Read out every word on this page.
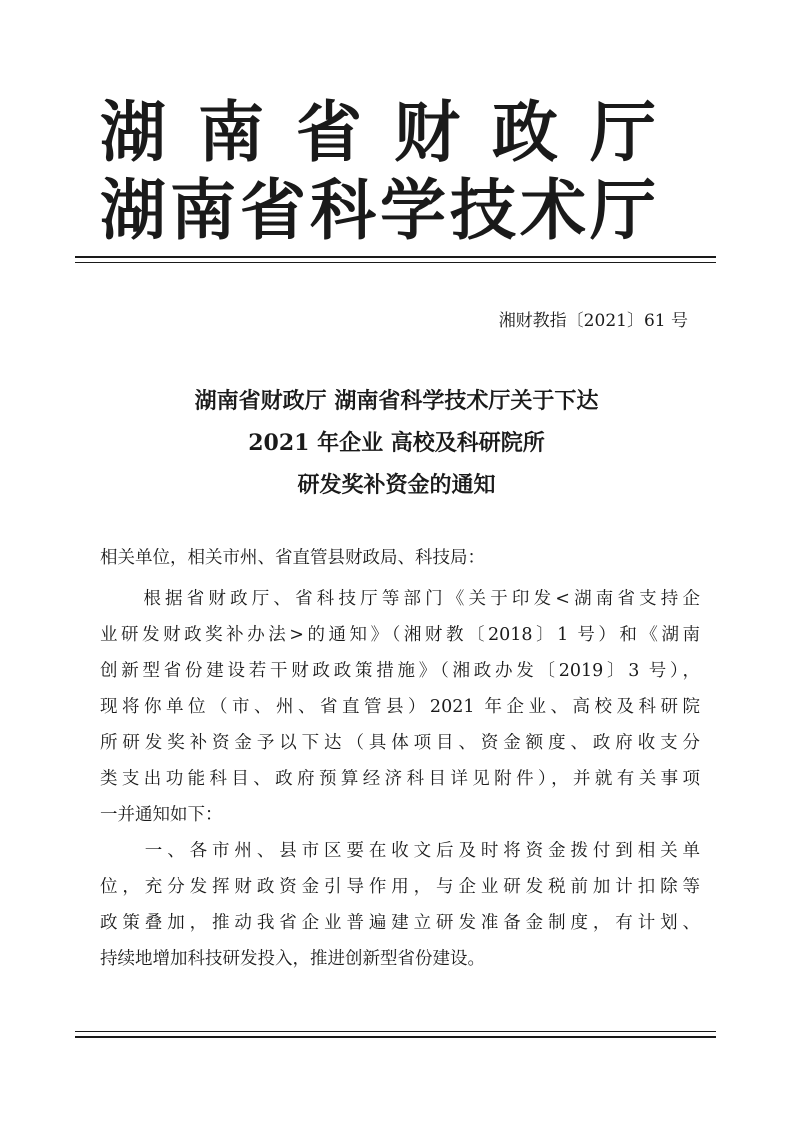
湖南省财政厅
湖南省科学技术厅
湘财教指〔2021〕61 号
湖南省财政厅 湖南省科学技术厅关于下达
2021 年企业 高校及科研院所
研发奖补资金的通知

相关单位，相关市州、省直管县财政局、科技局：

　　根据省财政厅、省科技厅等部门《关于印发<湖南省支持企

业研发财政奖补办法>的通知》（湘财教〔2018〕1 号）和《湖南

创新型省份建设若干财政政策措施》（湘政办发〔2019〕3 号），

现将你单位（市、州、省直管县）2021 年企业、高校及科研院

所研发奖补资金予以下达（具体项目、资金额度、政府收支分

类支出功能科目、政府预算经济科目详见附件），并就有关事项

一并通知如下：

　　一、各市州、县市区要在收文后及时将资金拨付到相关单

位，充分发挥财政资金引导作用，与企业研发税前加计扣除等

政策叠加，推动我省企业普遍建立研发准备金制度，有计划、

持续地增加科技研发投入，推进创新型省份建设。
